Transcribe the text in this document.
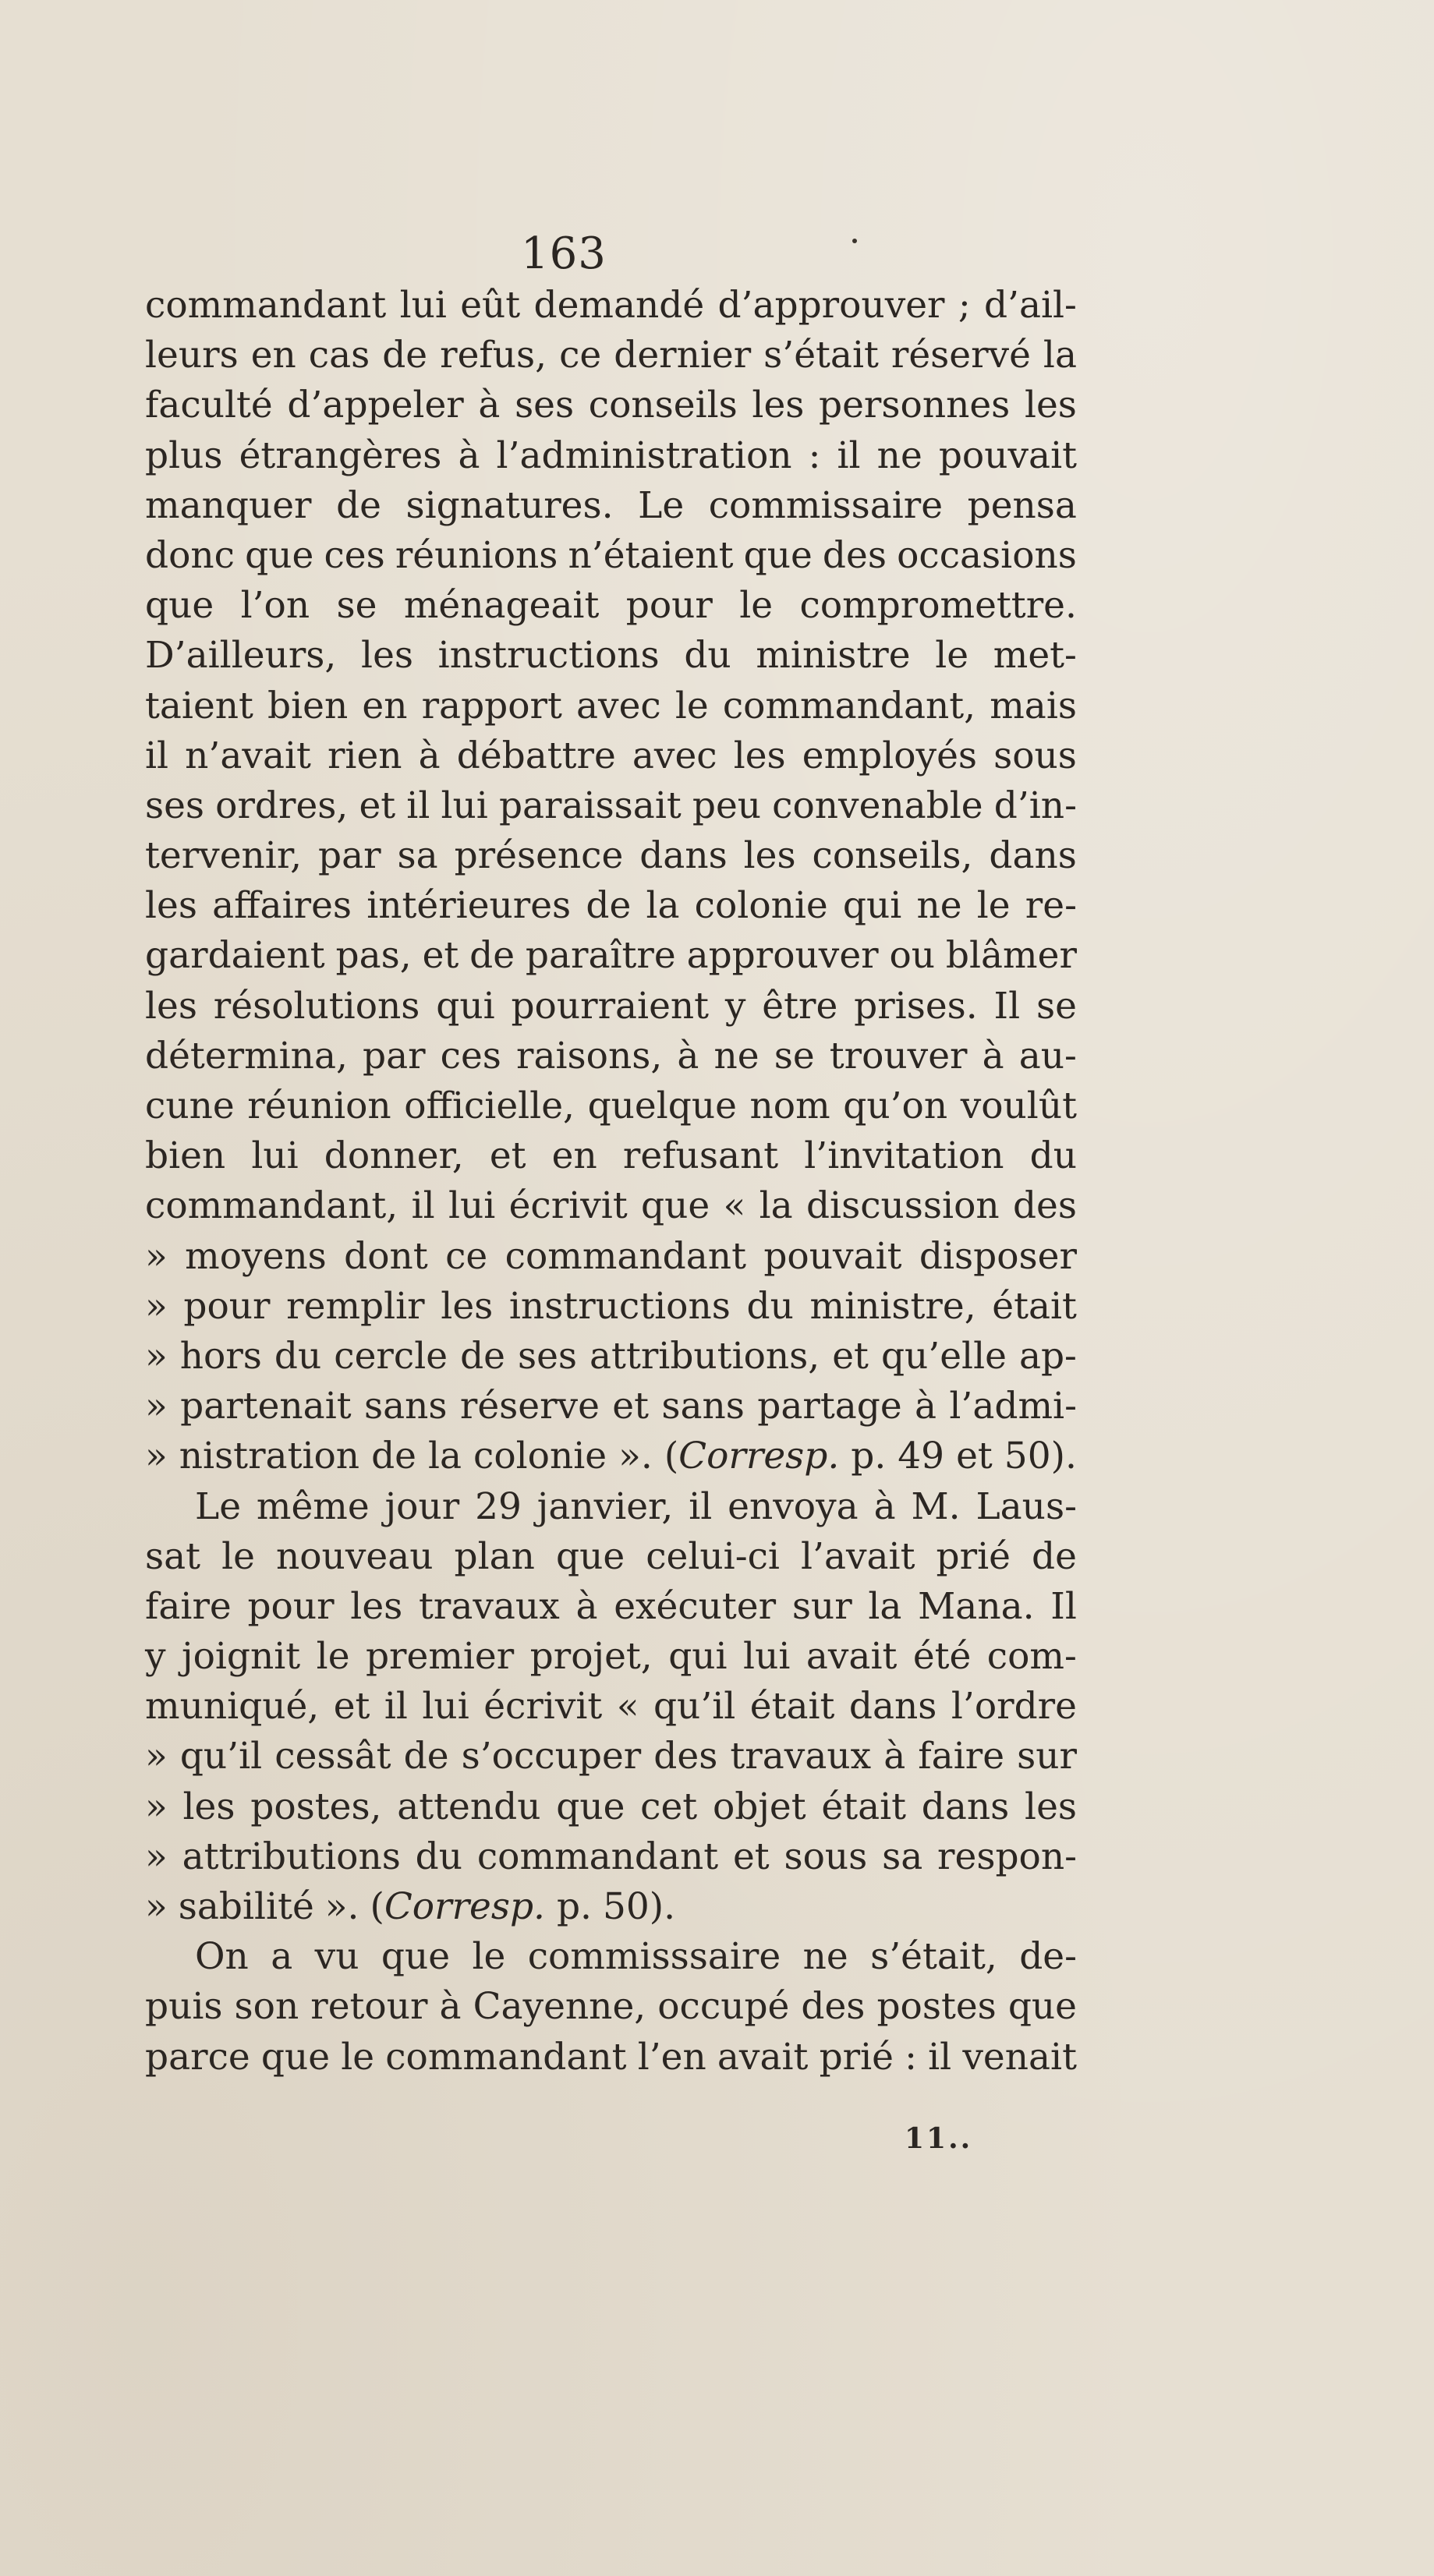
163
commandant lui eût demandé d’approuver ; d’ail-
leurs en cas de refus, ce dernier s’était réservé la
faculté d’appeler à ses conseils les personnes les
plus étrangères à l’administration : il ne pouvait
manquer de signatures. Le commissaire pensa
donc que ces réunions n’étaient que des occasions
que l’on se ménageait pour le compromettre.
D’ailleurs, les instructions du ministre le met-
taient bien en rapport avec le commandant, mais
il n’avait rien à débattre avec les employés sous
ses ordres, et il lui paraissait peu convenable d’in-
tervenir, par sa présence dans les conseils, dans
les affaires intérieures de la colonie qui ne le re-
gardaient pas, et de paraître approuver ou blâmer
les résolutions qui pourraient y être prises. Il se
détermina, par ces raisons, à ne se trouver à au-
cune réunion officielle, quelque nom qu’on voulût
bien lui donner, et en refusant l’invitation du
commandant, il lui écrivit que « la discussion des
» moyens dont ce commandant pouvait disposer
» pour remplir les instructions du ministre, était
» hors du cercle de ses attributions, et qu’elle ap-
» partenait sans réserve et sans partage à l’admi-
» nistration de la colonie ». (Corresp. p. 49 et 50).
Le même jour 29 janvier, il envoya à M. Laus-
sat le nouveau plan que celui-ci l’avait prié de
faire pour les travaux à exécuter sur la Mana. Il
y joignit le premier projet, qui lui avait été com-
muniqué, et il lui écrivit « qu’il était dans l’ordre
» qu’il cessât de s’occuper des travaux à faire sur
» les postes, attendu que cet objet était dans les
» attributions du commandant et sous sa respon-
» sabilité ». (Corresp. p. 50).
On a vu que le commisssaire ne s’était, de-
puis son retour à Cayenne, occupé des postes que
parce que le commandant l’en avait prié : il venait
11..
